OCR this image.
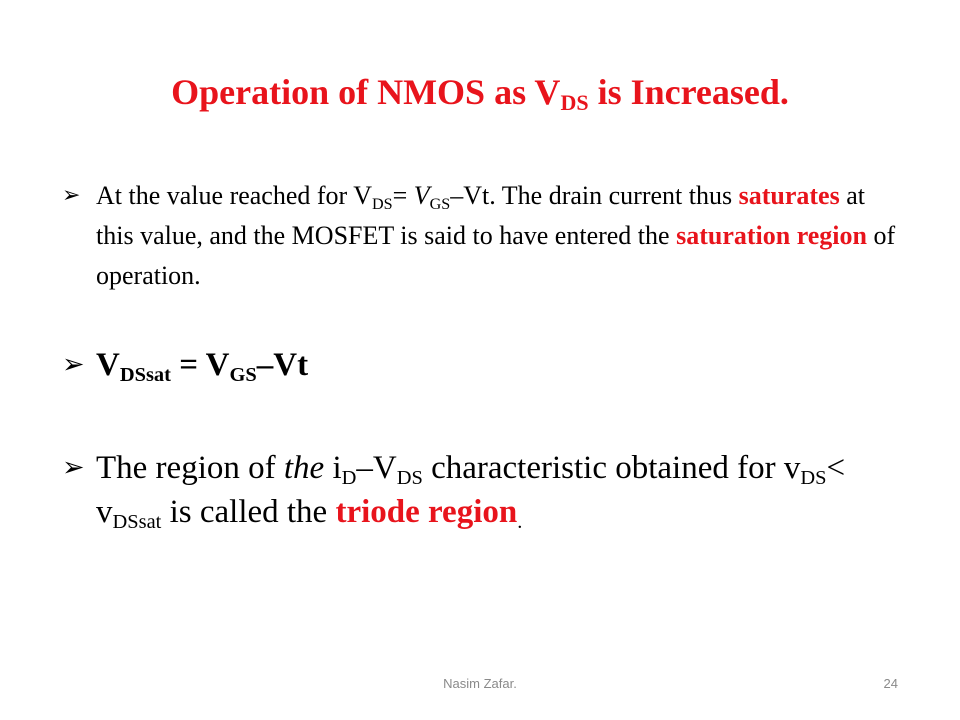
Operation of NMOS as $V_{DS}$ is Increased.
➢ At the value reached for $V_{DS}= V_{GS}-Vt$. The drain current thus saturates at this value, and the MOSFET is said to have entered the saturation region of operation.
➢ $V_{DSsat} = V_{GS}-Vt$
➢ The region of the $i_D-V_{DS}$ characteristic obtained for $v_{DS}< v_{DSsat}$ is called the triode region$_.$
Nasim Zafar.	24
